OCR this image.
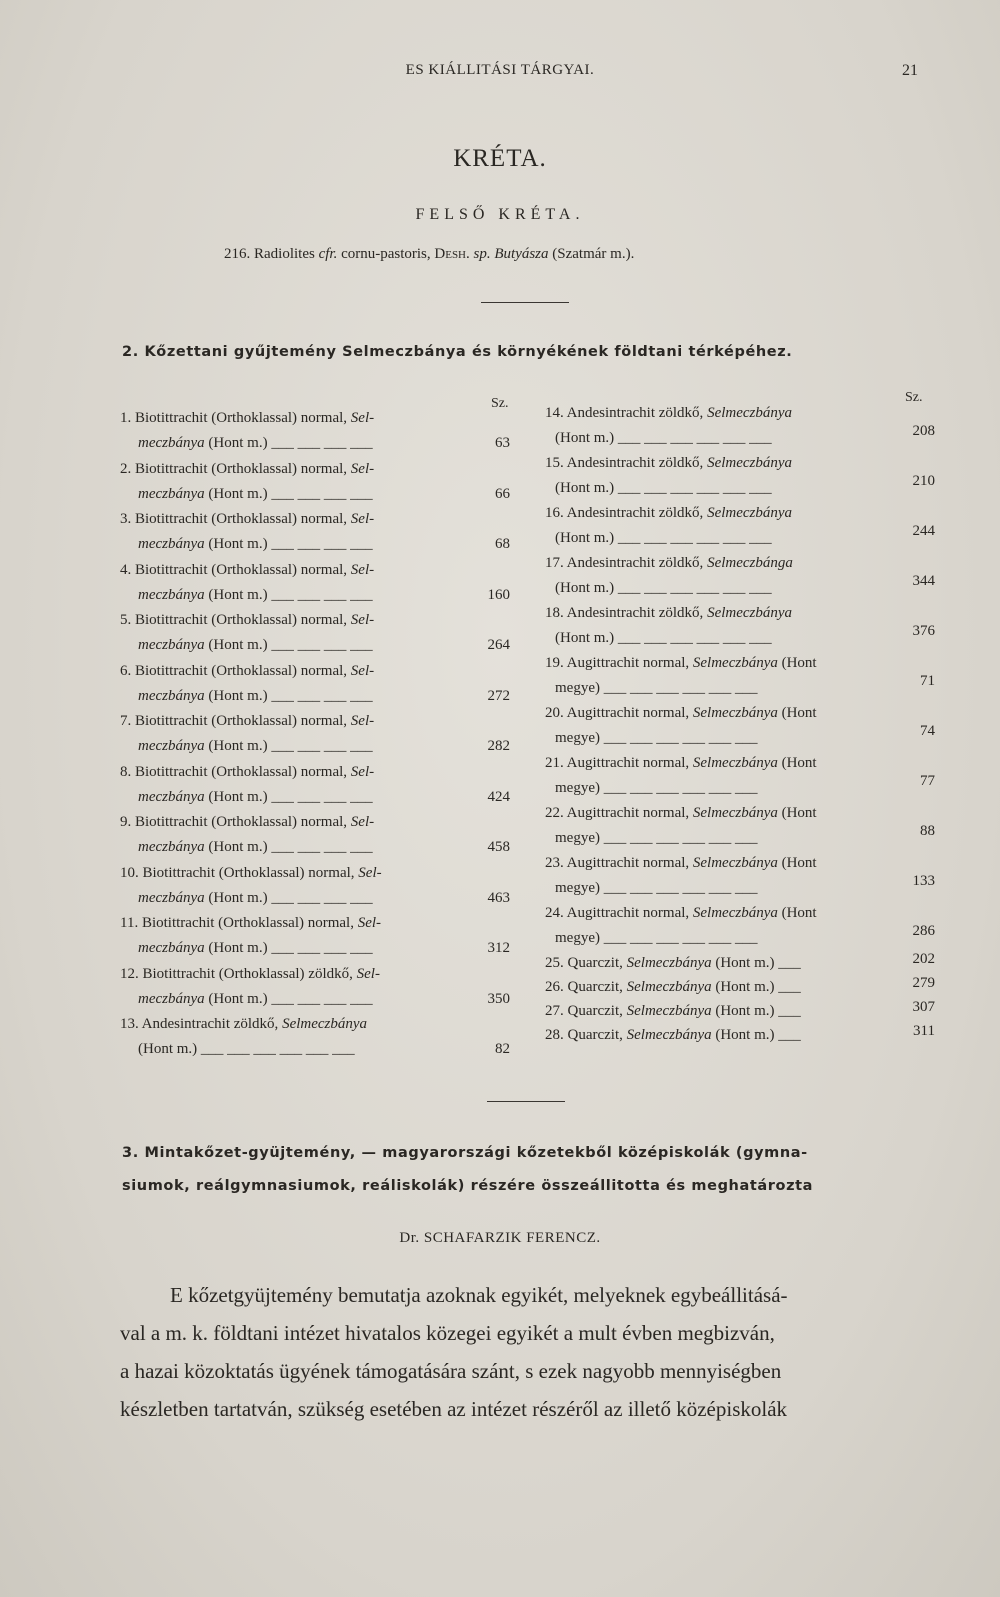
ES KIÁLLITÁSI TÁRGYAI.	21
KRÉTA.
FELSŐ KRÉTA.
216. Radiolites cfr. cornu-pastoris, Desh. sp. Butyásza (Szatmár m.).
2. Kőzettani gyűjtemény Selmeczbánya és környékének földtani térképéhez.
Sz.	Sz.
1. Biotittrachit (Orthoklassal) normal, Sel-
meczbánya (Hont m.) ___ ___ ___ ___	63
2. Biotittrachit (Orthoklassal) normal, Sel-
meczbánya (Hont m.) ___ ___ ___ ___	66
3. Biotittrachit (Orthoklassal) normal, Sel-
meczbánya (Hont m.) ___ ___ ___ ___	68
4. Biotittrachit (Orthoklassal) normal, Sel-
meczbánya (Hont m.) ___ ___ ___ ___	160
5. Biotittrachit (Orthoklassal) normal, Sel-
meczbánya (Hont m.) ___ ___ ___ ___	264
6. Biotittrachit (Orthoklassal) normal, Sel-
meczbánya (Hont m.) ___ ___ ___ ___	272
7. Biotittrachit (Orthoklassal) normal, Sel-
meczbánya (Hont m.) ___ ___ ___ ___	282
8. Biotittrachit (Orthoklassal) normal, Sel-
meczbánya (Hont m.) ___ ___ ___ ___	424
9. Biotittrachit (Orthoklassal) normal, Sel-
meczbánya (Hont m.) ___ ___ ___ ___	458
10. Biotittrachit (Orthoklassal) normal, Sel-
meczbánya (Hont m.) ___ ___ ___ ___	463
11. Biotittrachit (Orthoklassal) normal, Sel-
meczbánya (Hont m.) ___ ___ ___ ___	312
12. Biotittrachit (Orthoklassal) zöldkő, Sel-
meczbánya (Hont m.) ___ ___ ___ ___	350
13. Andesintrachit zöldkő, Selmeczbánya
(Hont m.) ___ ___ ___ ___ ___ ___	82
14. Andesintrachit zöldkő, Selmeczbánya
(Hont m.) ___ ___ ___ ___ ___ ___	208
15. Andesintrachit zöldkő, Selmeczbánya
(Hont m.) ___ ___ ___ ___ ___ ___	210
16. Andesintrachit zöldkő, Selmeczbánya
(Hont m.) ___ ___ ___ ___ ___ ___	244
17. Andesintrachit zöldkő, Selmeczbánga
(Hont m.) ___ ___ ___ ___ ___ ___	344
18. Andesintrachit zöldkő, Selmeczbánya
(Hont m.) ___ ___ ___ ___ ___ ___	376
19. Augittrachit normal, Selmeczbánya (Hont
megye) ___ ___ ___ ___ ___ ___	71
20. Augittrachit normal, Selmeczbánya (Hont
megye) ___ ___ ___ ___ ___ ___	74
21. Augittrachit normal, Selmeczbánya (Hont
megye) ___ ___ ___ ___ ___ ___	77
22. Augittrachit normal, Selmeczbánya (Hont
megye) ___ ___ ___ ___ ___ ___	88
23. Augittrachit normal, Selmeczbánya (Hont
megye) ___ ___ ___ ___ ___ ___	133
24. Augittrachit normal, Selmeczbánya (Hont
megye) ___ ___ ___ ___ ___ ___	286
25. Quarczit, Selmeczbánya (Hont m.) ___	202
26. Quarczit, Selmeczbánya (Hont m.) ___	279
27. Quarczit, Selmeczbánya (Hont m.) ___	307
28. Quarczit, Selmeczbánya (Hont m.) ___	311
3. Mintakőzet-gyüjtemény, — magyarországi kőzetekből középiskolák (gymna-
siumok, reálgymnasiumok, reáliskolák) részére összeállitotta és meghatározta
Dr. SCHAFARZIK FERENCZ.
E kőzetgyüjtemény bemutatja azoknak egyikét, melyeknek egybeállitásá-
val a m. k. földtani intézet hivatalos közegei egyikét a mult évben megbizván,
a hazai közoktatás ügyének támogatására szánt, s ezek nagyobb mennyiségben
készletben tartatván, szükség esetében az intézet részéről az illető középiskolák
